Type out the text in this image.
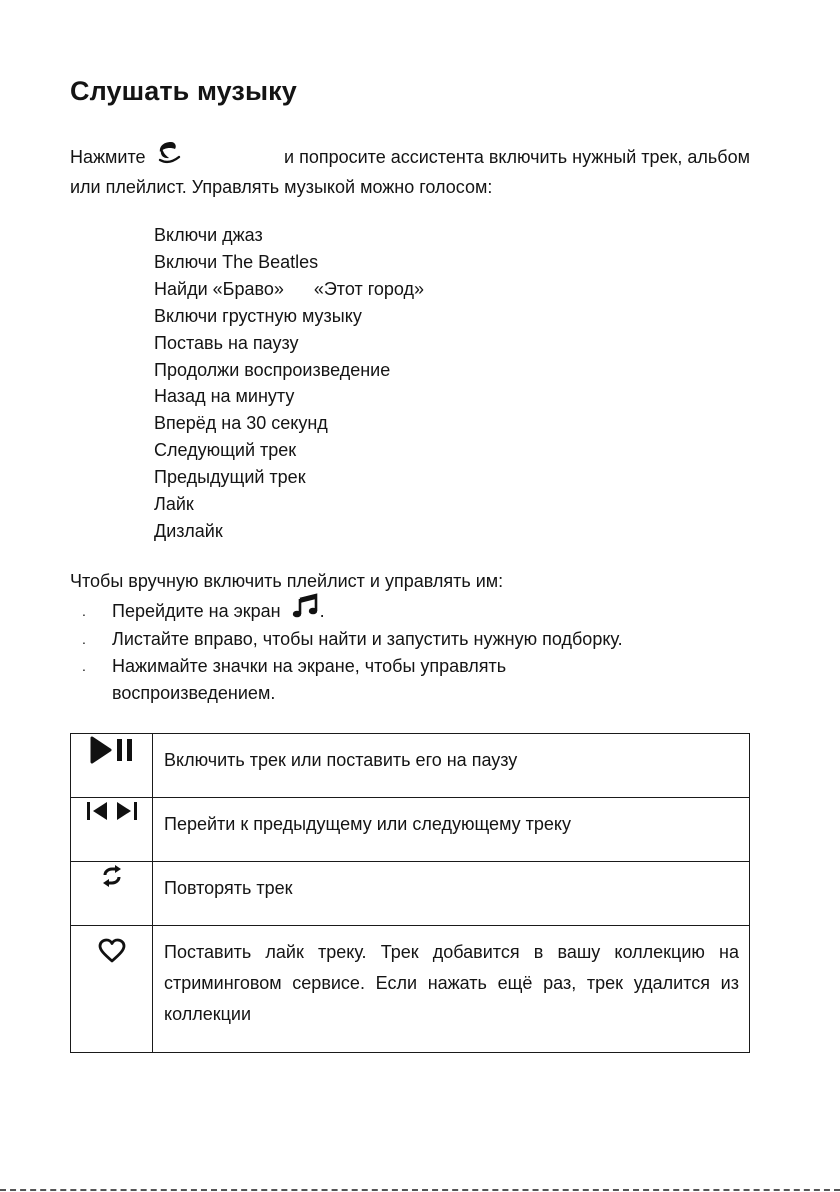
Слушать музыку
Нажмите	и попросите ассистента включить нужный трек, альбом
или плейлист. Управлять музыкой можно голосом:
Включи джаз
Включи The Beatles
Найди «Браво»      «Этот город»
Включи грустную музыку
Поставь на паузу
Продолжи воспроизведение
Назад на минуту
Вперёд на 30 секунд
Следующий трек
Предыдущий трек
Лайк
Дизлайк
Чтобы вручную включить плейлист и управлять им:
. Перейдите на экран .
. Листайте вправо, чтобы найти и запустить нужную подборку.
. Нажимайте значки на экране, чтобы управлять воспроизведением.
	Включить трек или поставить его на паузу
	Перейти к предыдущему или следующему треку
	Повторять трек
	Поставить лайк треку. Трек добавится в вашу коллекцию на стриминговом сервисе. Если нажать ещё раз, трек удалится из коллекции
